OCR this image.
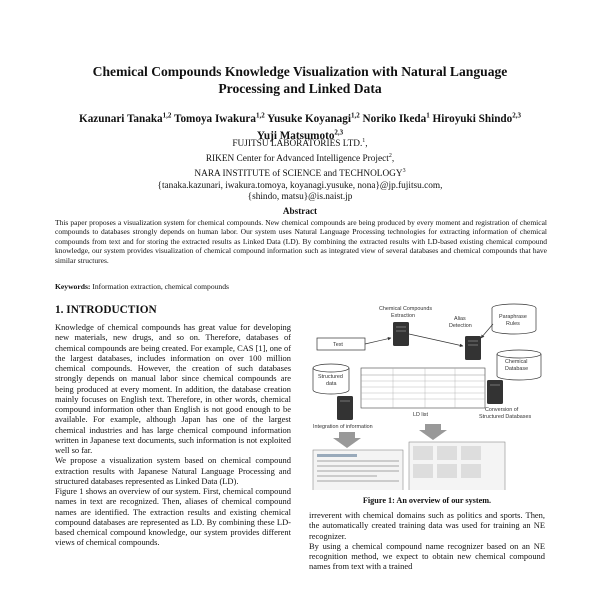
Chemical Compounds Knowledge Visualization with Natural Language
Processing and Linked Data
Kazunari Tanaka$^{1,2}$ Tomoya Iwakura$^{1,2}$ Yusuke Koyanagi$^{1,2}$ Noriko Ikeda$^1$ Hiroyuki Shindo$^{2,3}$
Yuji Matsumoto$^{2,3}$
FUJITSU LABORATORIES LTD.$^1$,
RIKEN Center for Advanced Intelligence Project$^2$,
NARA INSTITUTE of SCIENCE and TECHNOLOGY$^3$
{tanaka.kazunari, iwakura.tomoya, koyanagi.yusuke, nona}@jp.fujitsu.com,
{shindo, matsu}@is.naist.jp
Abstract
This paper proposes a visualization system for chemical compounds. New chemical compounds are being produced by every moment and registration of chemical compounds to databases strongly depends on human labor. Our system uses Natural Language Processing technologies for extracting information of chemical compounds from text and for storing the extracted results as Linked Data (LD). By combining the extracted results with LD-based existing chemical compound knowledge, our system provides visualization of chemical compound information such as integrated view of several databases and chemical compounds that have similar structures.
Keywords: Information extraction, chemical compounds
1. INTRODUCTION

Knowledge of chemical compounds has great value for developing new materials, new drugs, and so on. Therefore, databases of chemical compounds are being created. For example, CAS [1], one of the largest databases, includes information on over 100 million chemical compounds. However, the creation of such databases strongly depends on manual labor since chemical compounds are being produced at every moment. In addition, the database creation mainly focuses on English text. Therefore, in other words, chemical compound information other than English is not good enough to be available. For example, although Japan has one of the largest chemical industries and has large chemical compound information written in Japanese text documents, such information is not exploited well so far.

We propose a visualization system based on chemical compound extraction results with Japanese Natural Language Processing and structured databases represented as Linked Data (LD).

Figure 1 shows an overview of our system. First, chemical compound names in text are recognized. Then, aliases of chemical compound names are identified. The extraction results and existing chemical compound databases are represented as LD. By combining these LD-based chemical compound knowledge, our system provides different views of chemical compounds.

Chemical Compounds Extraction	Alias Detection
Paraphrase Rules
Text
Chemical Database
Structured data
LD list
Conversion of Structured Databases
Integration of information
Figure 1: An overview of our system.

irreverent with chemical domains such as politics and sports. Then, the automatically created training data was used for training an NE recognizer.

By using a chemical compound name recognizer based on an NE recognition method, we expect to obtain new chemical compound names from text with a trained
